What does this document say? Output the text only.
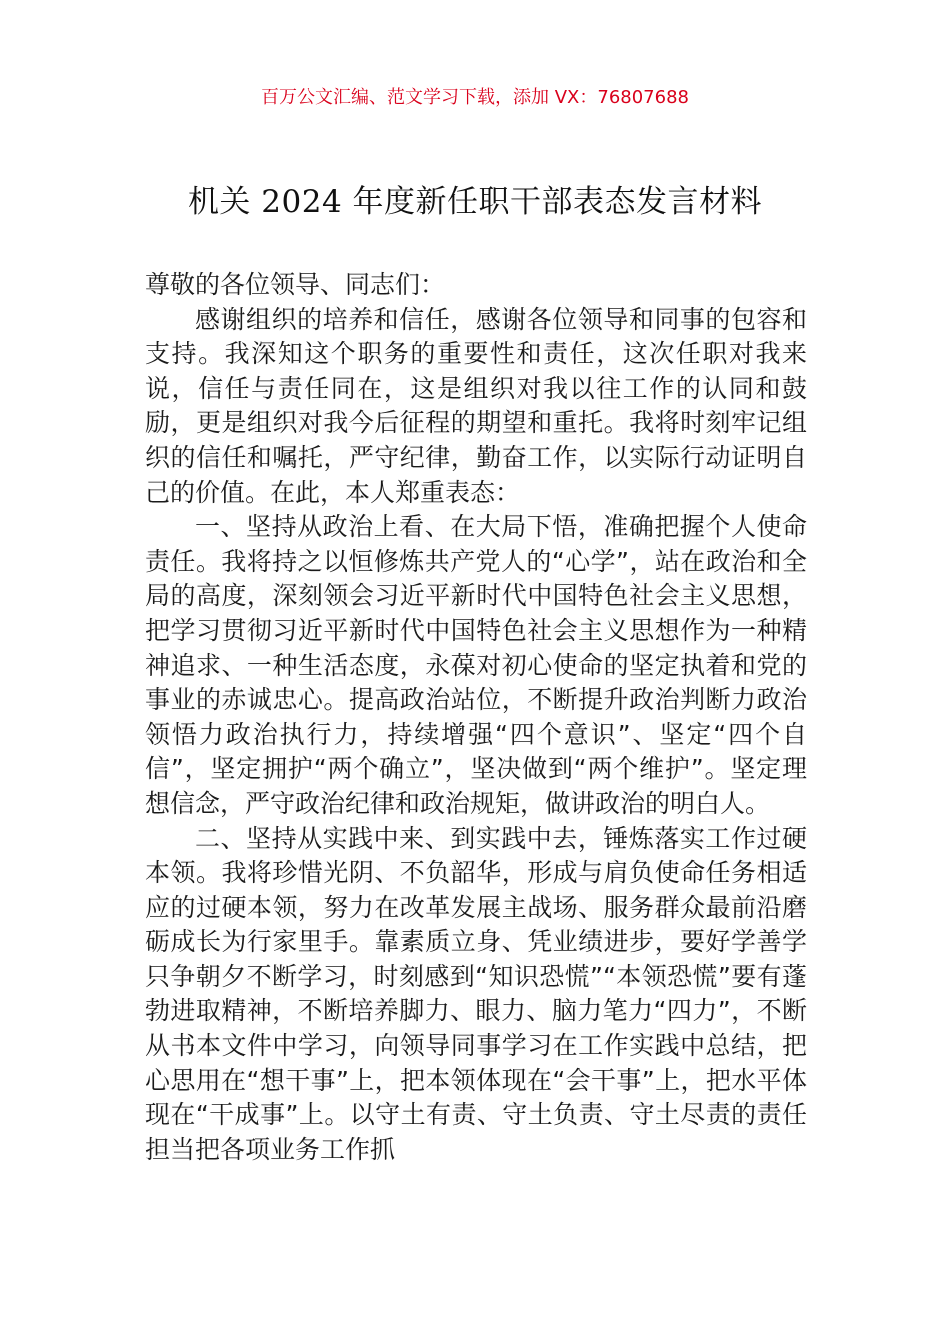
百万公文汇编、范文学习下载，添加 VX：76807688
机关 2024 年度新任职干部表态发言材料

尊敬的各位领导、同志们：

感谢组织的培养和信任，感谢各位领导和同事的包容和支持。我深知这个职务的重要性和责任，这次任职对我来说，信任与责任同在，这是组织对我以往工作的认同和鼓励，更是组织对我今后征程的期望和重托。我将时刻牢记组织的信任和嘱托，严守纪律，勤奋工作，以实际行动证明自己的价值。在此，本人郑重表态：

一、坚持从政治上看、在大局下悟，准确把握个人使命责任。我将持之以恒修炼共产党人的“心学”，站在政治和全局的高度，深刻领会习近平新时代中国特色社会主义思想，把学习贯彻习近平新时代中国特色社会主义思想作为一种精神追求、一种生活态度，永葆对初心使命的坚定执着和党的事业的赤诚忠心。提高政治站位，不断提升政治判断力政治领悟力政治执行力，持续增强“四个意识”、坚定“四个自信”，坚定拥护“两个确立”，坚决做到“两个维护”。坚定理想信念，严守政治纪律和政治规矩，做讲政治的明白人。

二、坚持从实践中来、到实践中去，锤炼落实工作过硬本领。我将珍惜光阴、不负韶华，形成与肩负使命任务相适应的过硬本领，努力在改革发展主战场、服务群众最前沿磨砺成长为行家里手。靠素质立身、凭业绩进步，要好学善学只争朝夕不断学习，时刻感到“知识恐慌”“本领恐慌”要有蓬勃进取精神，不断培养脚力、眼力、脑力笔力“四力”，不断从书本文件中学习，向领导同事学习在工作实践中总结，把心思用在“想干事”上，把本领体现在“会干事”上，把水平体现在“干成事”上。以守土有责、守土负责、守土尽责的责任担当把各项业务工作抓
